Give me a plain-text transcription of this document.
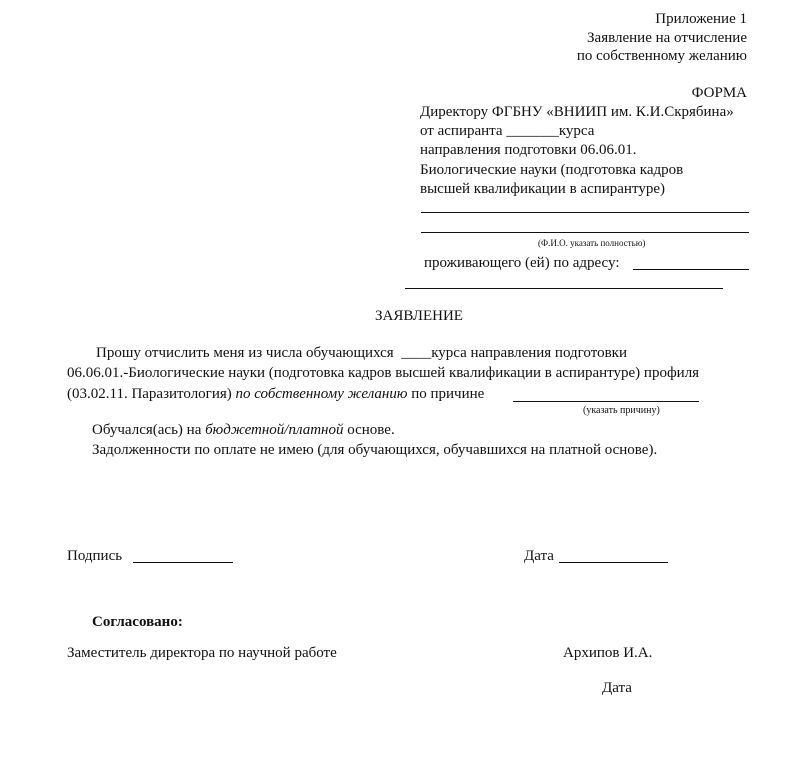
Приложение 1
Заявление на отчисление
по собственному желанию
ФОРМА
Директору ФГБНУ «ВНИИП им. К.И.Скрябина»
от аспиранта _______курса
направления подготовки 06.06.01.
Биологические науки (подготовка кадров
высшей квалификации в аспирантуре)
(Ф.И.О. указать полностью)
проживающего (ей) по адресу:
ЗАЯВЛЕНИЕ
Прошу отчислить меня из числа обучающихся ____курса направления подготовки
06.06.01.-Биологические науки (подготовка кадров высшей квалификации в аспирантуре) профиля
(03.02.11. Паразитология) по собственному желанию по причине
(указать причину)
Обучался(ась) на бюджетной/платной основе.
Задолженности по оплате не имею (для обучающихся, обучавшихся на платной основе).
Подпись	Дата
Согласовано:
Заместитель директора по научной работе	Архипов И.А.
Дата
